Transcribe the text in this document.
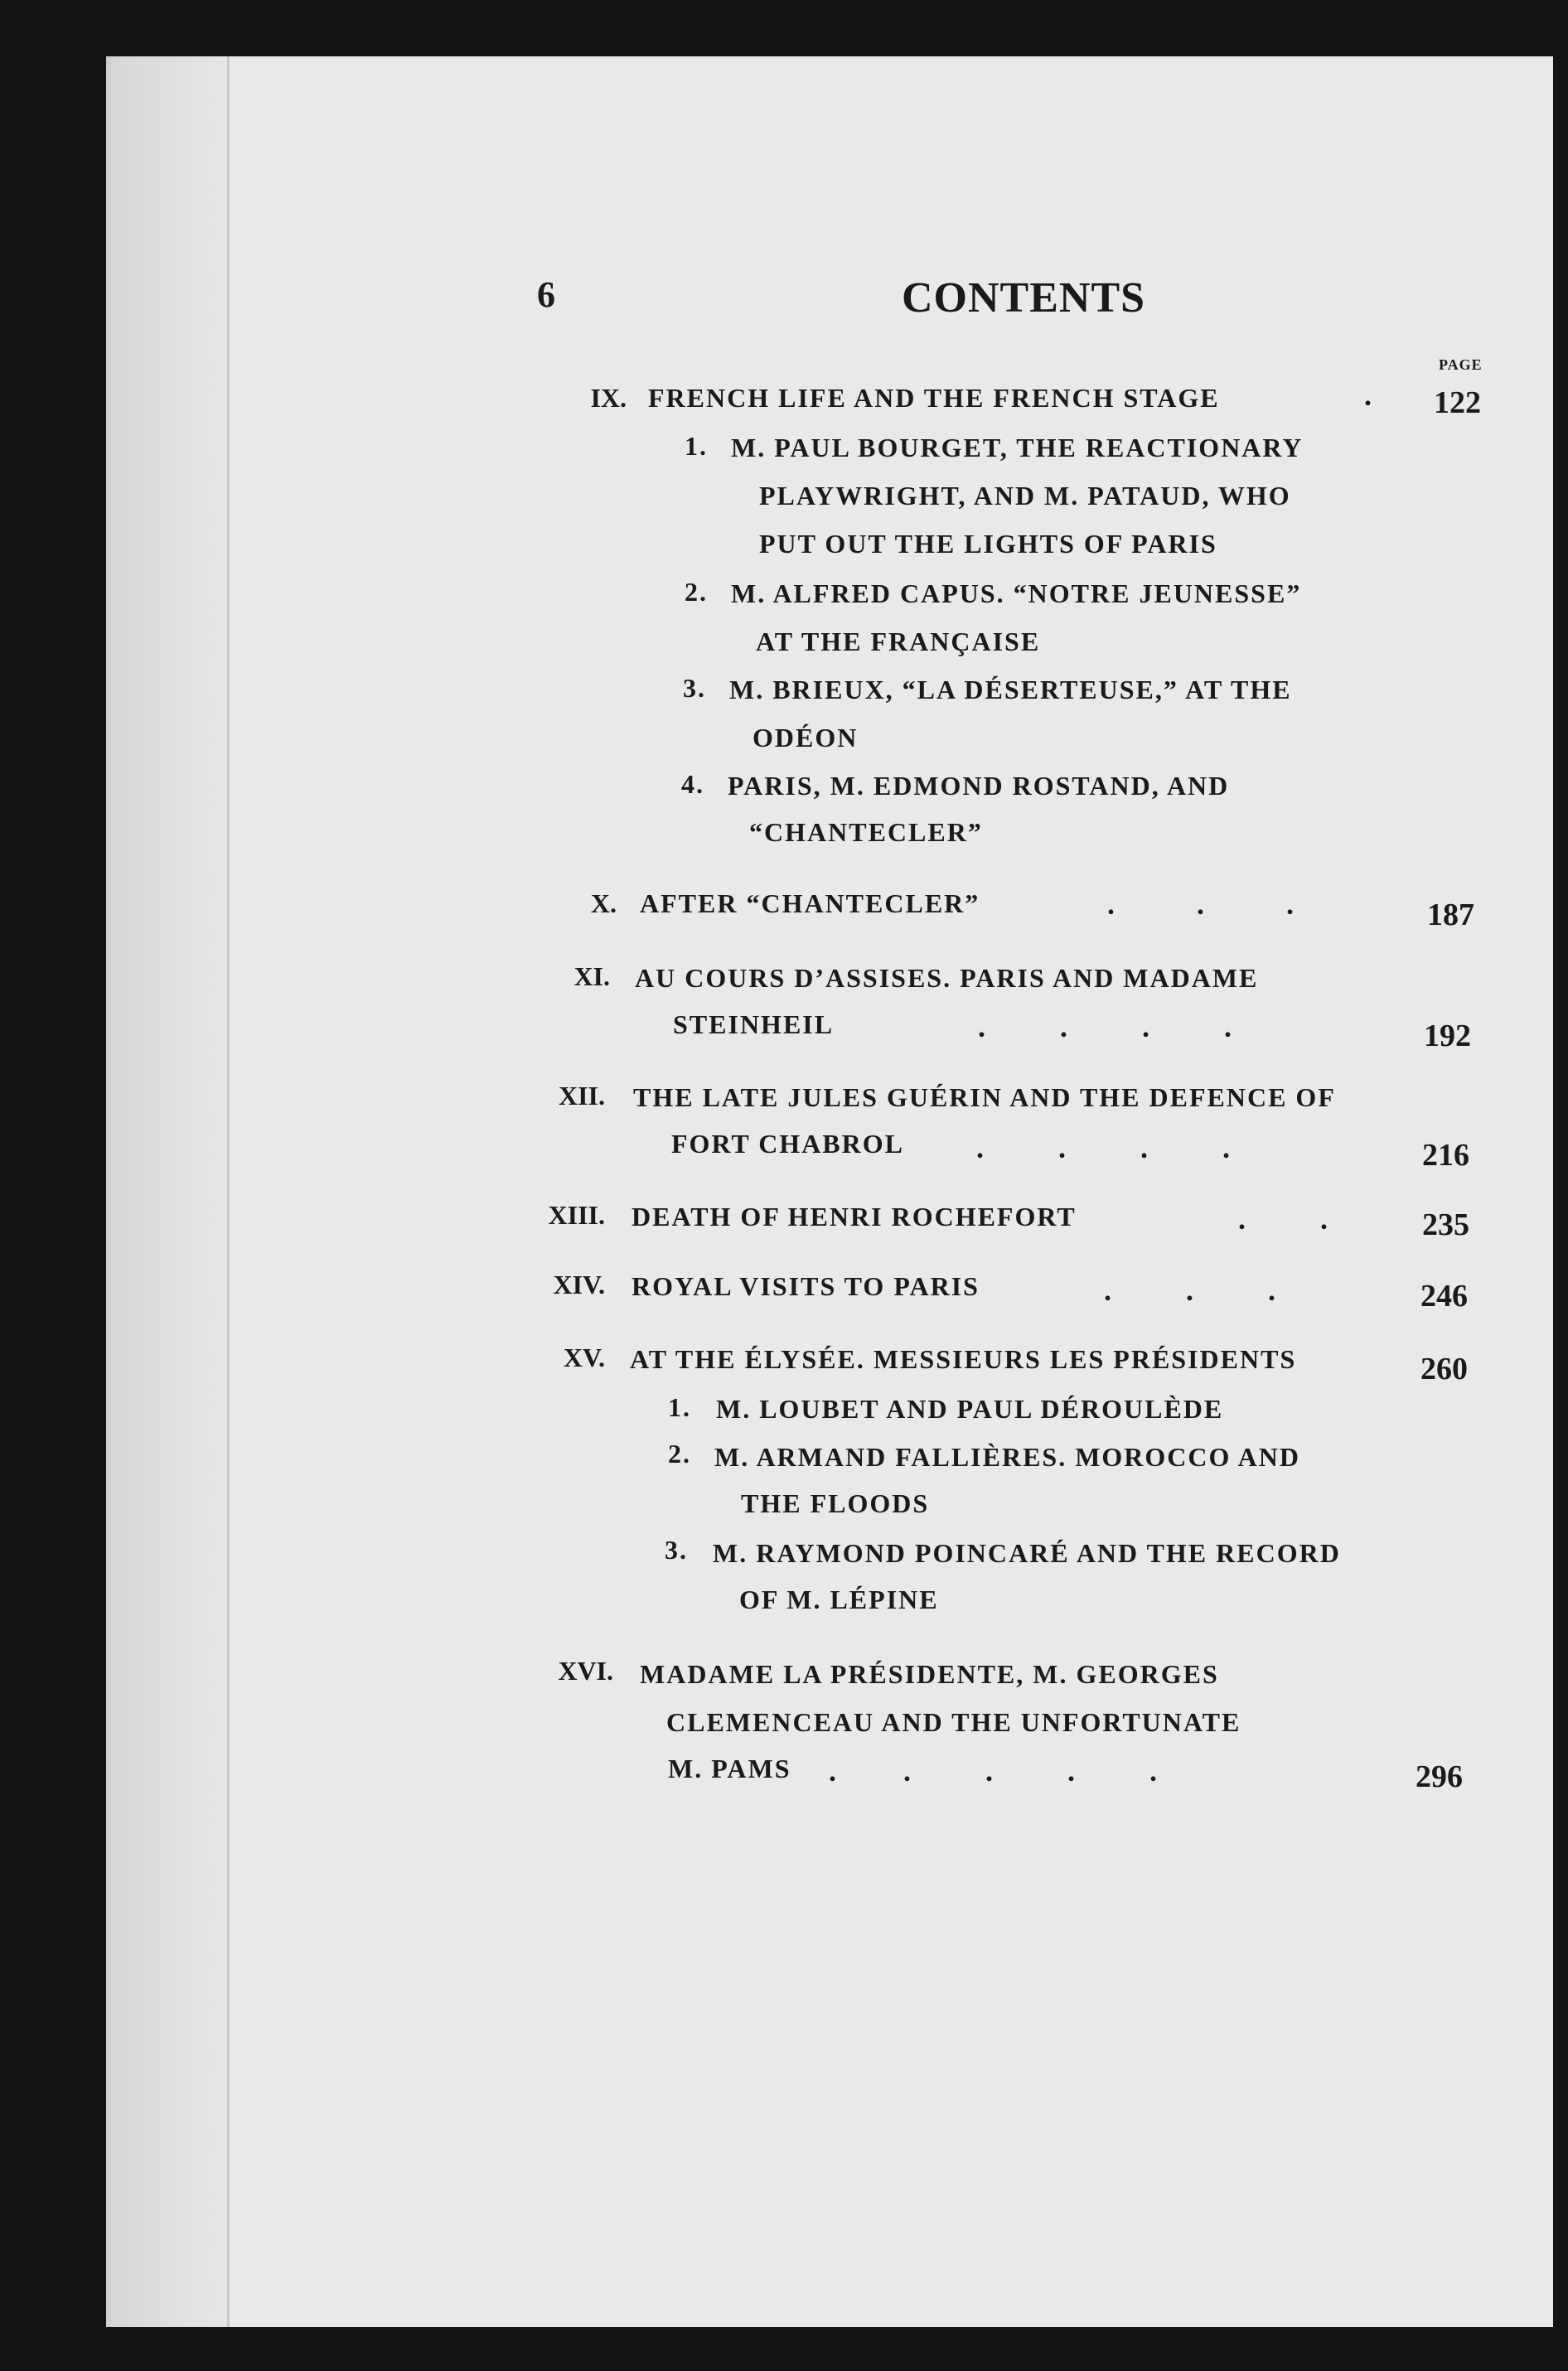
6	CONTENTS
PAGE
IX. FRENCH LIFE AND THE FRENCH STAGE	. 122
1. M. PAUL BOURGET, THE REACTIONARY
PLAYWRIGHT, AND M. PATAUD, WHO
PUT OUT THE LIGHTS OF PARIS
2. M. ALFRED CAPUS. “NOTRE JEUNESSE”
AT THE FRANÇAISE
3. M. BRIEUX, “LA DÉSERTEUSE,” AT THE
ODÉON
4. PARIS, M. EDMOND ROSTAND, AND
“CHANTECLER”
X. AFTER “CHANTECLER”	.           .           .	187
XI. AU COURS D’ASSISES. PARIS AND MADAME
STEINHEIL	.          .          .          .	192
XII. THE LATE JULES GUÉRIN AND THE DEFENCE OF
FORT CHABROL .          .          .          .	216
XIII. DEATH OF HENRI ROCHEFORT	.          .	235
XIV. ROYAL VISITS TO PARIS	.          .          .	246
XV. AT THE ÉLYSÉE. MESSIEURS LES PRÉSIDENTS	260
1. M. LOUBET AND PAUL DÉROULÈDE
2. M. ARMAND FALLIÈRES. MOROCCO AND
THE FLOODS
3. M. RAYMOND POINCARÉ AND THE RECORD
OF M. LÉPINE
XVI. MADAME LA PRÉSIDENTE, M. GEORGES
CLEMENCEAU AND THE UNFORTUNATE
M. PAMS .         .          .          .          .	296
